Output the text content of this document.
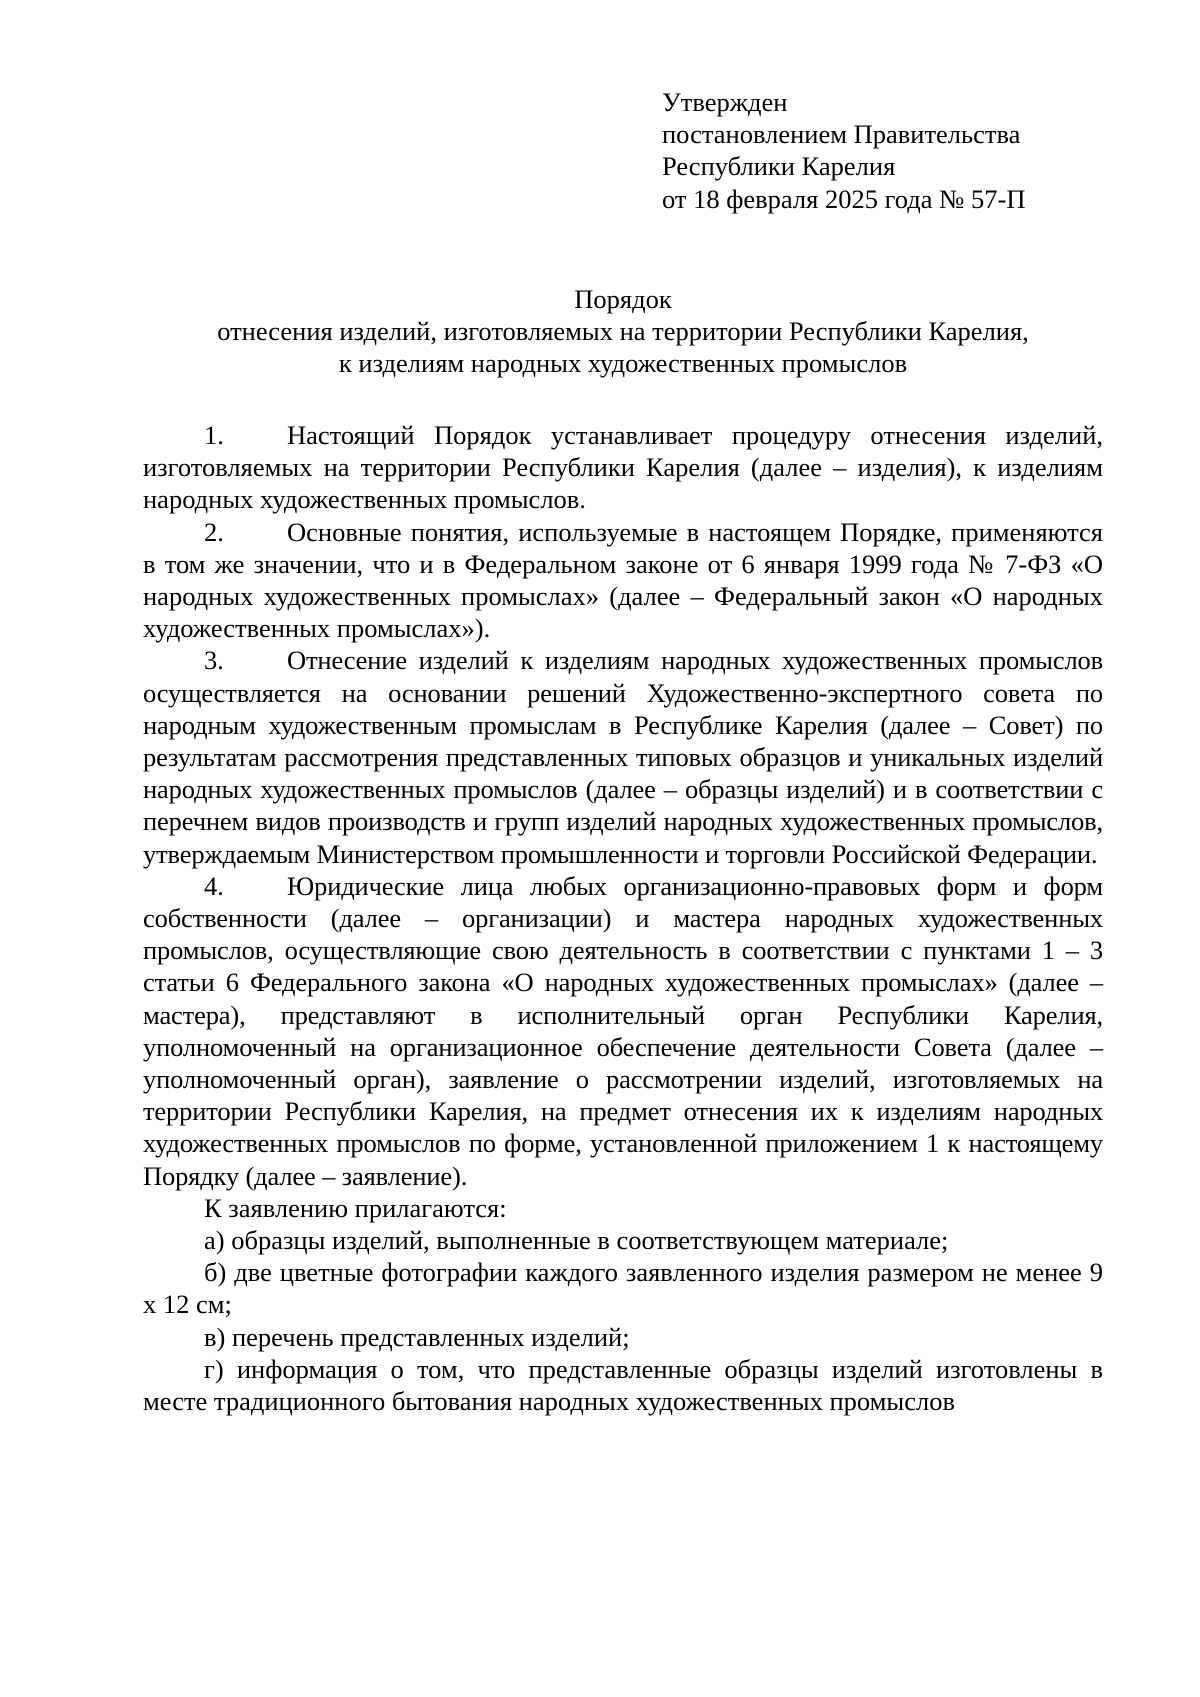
Утвержден
постановлением Правительства
Республики Карелия
от 18 февраля 2025 года № 57-П
Порядок
отнесения изделий, изготовляемых на территории Республики Карелия,
к изделиям народных художественных промыслов

1. Настоящий Порядок устанавливает процедуру отнесения изделий, изготовляемых на территории Республики Карелия (далее – изделия), к изделиям народных художественных промыслов.

2. Основные понятия, используемые в настоящем Порядке, применяются в том же значении, что и в Федеральном законе от 6 января 1999 года № 7-ФЗ «О народных художественных промыслах» (далее – Федеральный закон «О народных художественных промыслах»).

3. Отнесение изделий к изделиям народных художественных промыслов осуществляется на основании решений Художественно-экспертного совета по народным художественным промыслам в Республике Карелия (далее – Совет) по результатам рассмотрения представленных типовых образцов и уникальных изделий народных художественных промыслов (далее – образцы изделий) и в соответствии с перечнем видов производств и групп изделий народных художественных промыслов, утверждаемым Министерством промышленности и торговли Российской Федерации.

4. Юридические лица любых организационно-правовых форм и форм собственности (далее – организации) и мастера народных художественных промыслов, осуществляющие свою деятельность в соответствии с пунктами 1 – 3 статьи 6 Федерального закона «О народных художественных промыслах» (далее – мастера), представляют в исполнительный орган Республики Карелия, уполномоченный на организационное обеспечение деятельности Совета (далее – уполномоченный орган), заявление о рассмотрении изделий, изготовляемых на территории Республики Карелия, на предмет отнесения их к изделиям народных художественных промыслов по форме, установленной приложением 1 к настоящему Порядку (далее – заявление).

К заявлению прилагаются:

а) образцы изделий, выполненные в соответствующем материале;

б) две цветные фотографии каждого заявленного изделия размером не менее 9 х 12 см;

в) перечень представленных изделий;

г) информация о том, что представленные образцы изделий изготовлены в месте традиционного бытования народных художественных промыслов
